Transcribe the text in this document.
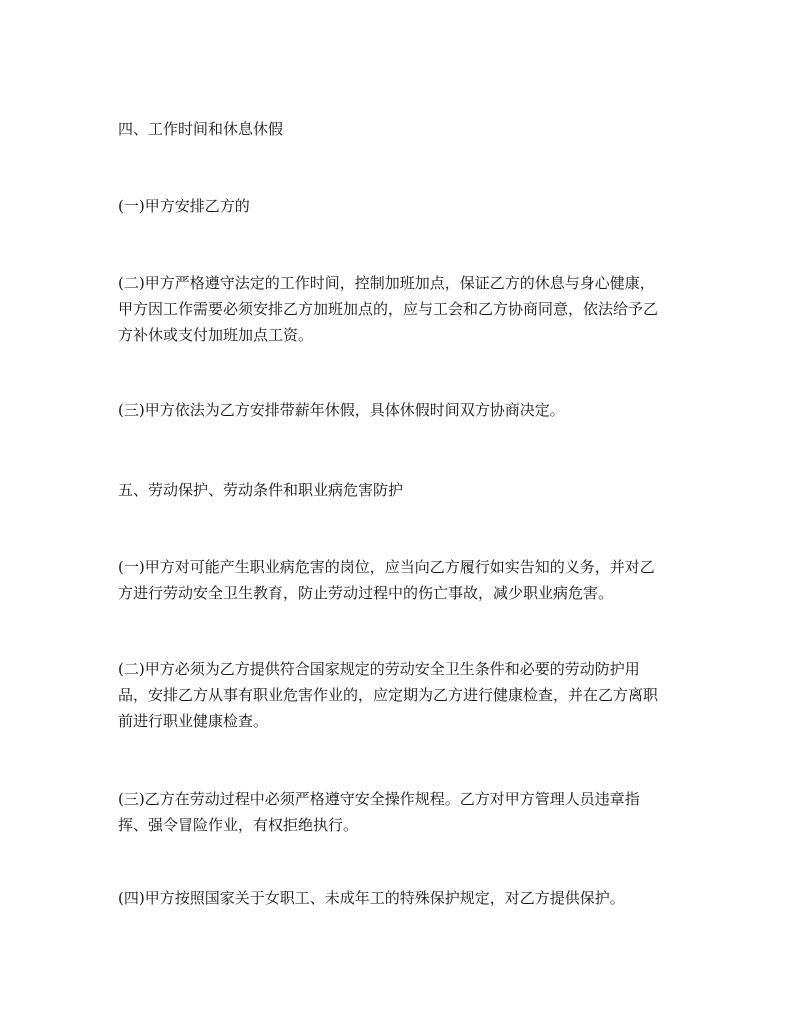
四、工作时间和休息休假

(一)甲方安排乙方的

(二)甲方严格遵守法定的工作时间，控制加班加点，保证乙方的休息与身心健康，
甲方因工作需要必须安排乙方加班加点的，应与工会和乙方协商同意，依法给予乙
方补休或支付加班加点工资。

(三)甲方依法为乙方安排带薪年休假，具体休假时间双方协商决定。

五、劳动保护、劳动条件和职业病危害防护

(一)甲方对可能产生职业病危害的岗位，应当向乙方履行如实告知的义务，并对乙
方进行劳动安全卫生教育，防止劳动过程中的伤亡事故，减少职业病危害。

(二)甲方必须为乙方提供符合国家规定的劳动安全卫生条件和必要的劳动防护用
品，安排乙方从事有职业危害作业的，应定期为乙方进行健康检查，并在乙方离职
前进行职业健康检查。

(三)乙方在劳动过程中必须严格遵守安全操作规程。乙方对甲方管理人员违章指
挥、强令冒险作业，有权拒绝执行。

(四)甲方按照国家关于女职工、未成年工的特殊保护规定，对乙方提供保护。
